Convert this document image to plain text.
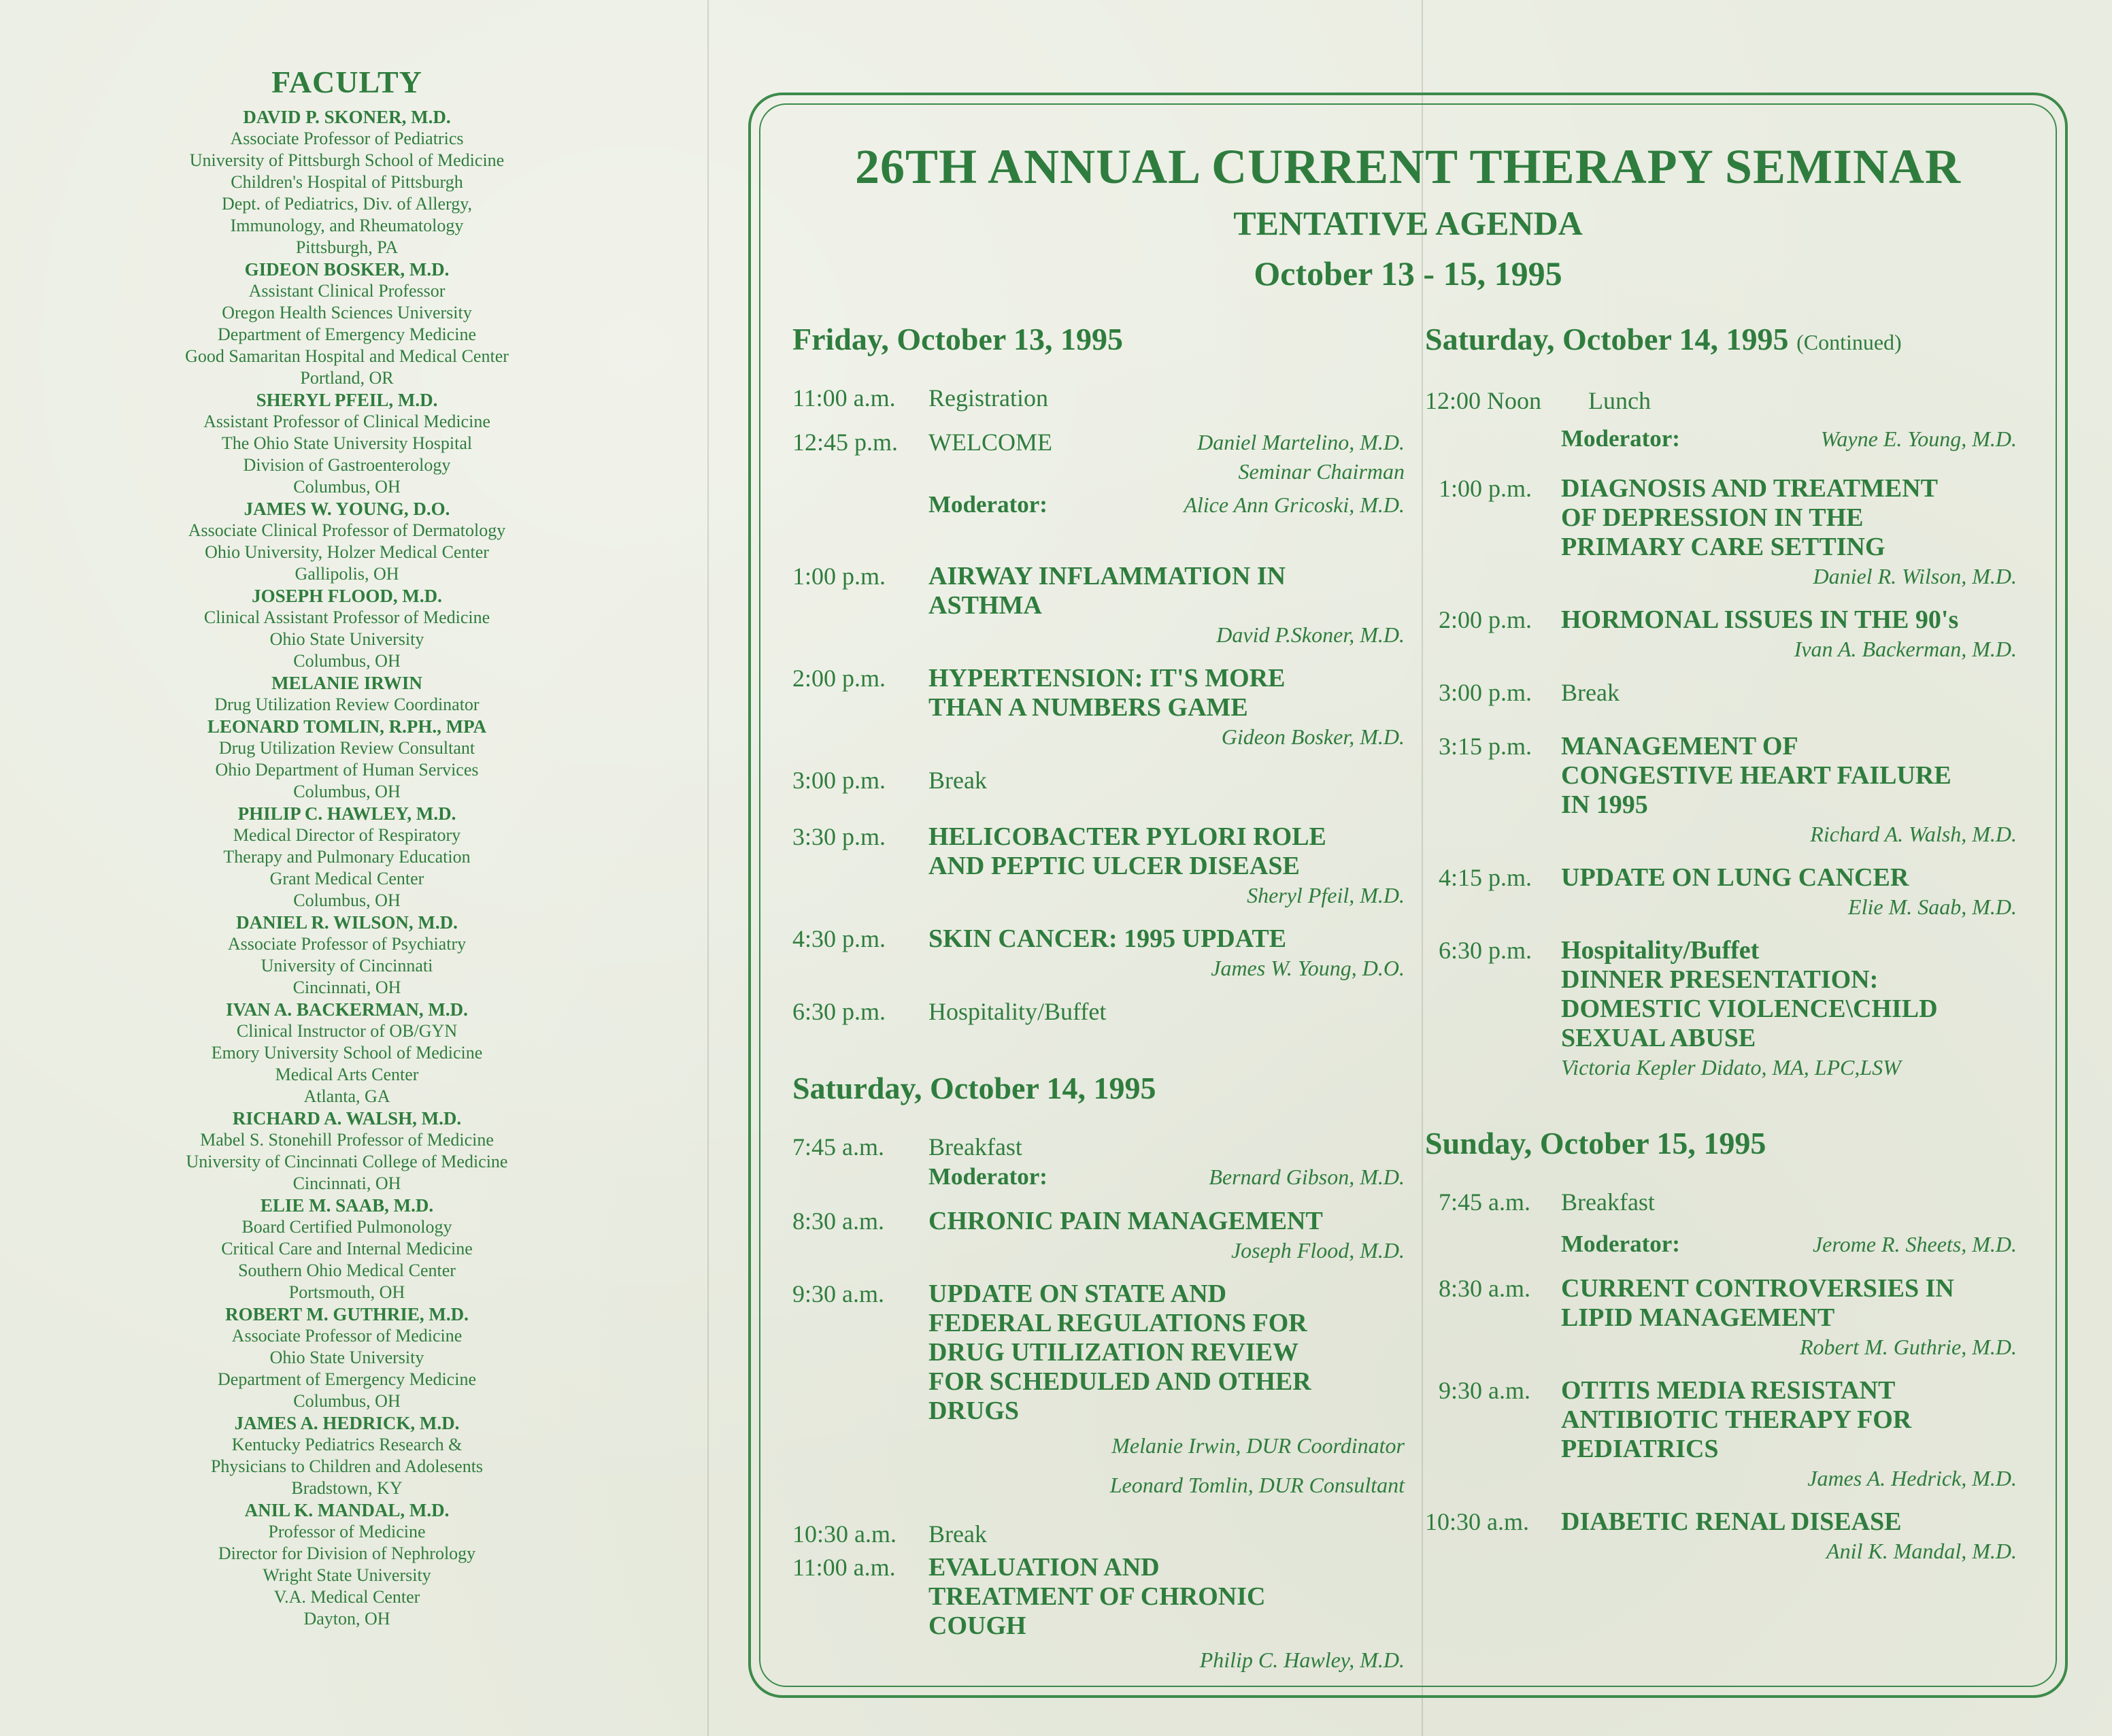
FACULTY
DAVID P. SKONER, M.D.
Associate Professor of Pediatrics
University of Pittsburgh School of Medicine
Children's Hospital of Pittsburgh
Dept. of Pediatrics, Div. of Allergy,
Immunology, and Rheumatology
Pittsburgh, PA
GIDEON BOSKER, M.D.
Assistant Clinical Professor
Oregon Health Sciences University
Department of Emergency Medicine
Good Samaritan Hospital and Medical Center
Portland, OR
SHERYL PFEIL, M.D.
Assistant Professor of Clinical Medicine
The Ohio State University Hospital
Division of Gastroenterology
Columbus, OH
JAMES W. YOUNG, D.O.
Associate Clinical Professor of Dermatology
Ohio University, Holzer Medical Center
Gallipolis, OH
JOSEPH FLOOD, M.D.
Clinical Assistant Professor of Medicine
Ohio State University
Columbus, OH
MELANIE IRWIN
Drug Utilization Review Coordinator
LEONARD TOMLIN, R.PH., MPA
Drug Utilization Review Consultant
Ohio Department of Human Services
Columbus, OH
PHILIP C. HAWLEY, M.D.
Medical Director of Respiratory
Therapy and Pulmonary Education
Grant Medical Center
Columbus, OH
DANIEL R. WILSON, M.D.
Associate Professor of Psychiatry
University of Cincinnati
Cincinnati, OH
IVAN A. BACKERMAN, M.D.
Clinical Instructor of OB/GYN
Emory University School of Medicine
Medical Arts Center
Atlanta, GA
RICHARD A. WALSH, M.D.
Mabel S. Stonehill Professor of Medicine
University of Cincinnati College of Medicine
Cincinnati, OH
ELIE M. SAAB, M.D.
Board Certified Pulmonology
Critical Care and Internal Medicine
Southern Ohio Medical Center
Portsmouth, OH
ROBERT M. GUTHRIE, M.D.
Associate Professor of Medicine
Ohio State University
Department of Emergency Medicine
Columbus, OH
JAMES A. HEDRICK, M.D.
Kentucky Pediatrics Research &
Physicians to Children and Adolesents
Bradstown, KY
ANIL K. MANDAL, M.D.
Professor of Medicine
Director for Division of Nephrology
Wright State University
V.A. Medical Center
Dayton, OH
26TH ANNUAL CURRENT THERAPY SEMINAR
TENTATIVE AGENDA
October 13 - 15, 1995
Friday, October 13, 1995
11:00 a.m. Registration
12:45 p.m. WELCOME	Daniel Martelino, M.D.
Seminar Chairman
Moderator:	Alice Ann Gricoski, M.D.
1:00 p.m. AIRWAY INFLAMMATION IN
ASTHMA
David P.Skoner, M.D.
2:00 p.m. HYPERTENSION: IT'S MORE
THAN A NUMBERS GAME
Gideon Bosker, M.D.
3:00 p.m. Break
3:30 p.m. HELICOBACTER PYLORI ROLE
AND PEPTIC ULCER DISEASE
Sheryl Pfeil, M.D.
4:30 p.m. SKIN CANCER: 1995 UPDATE
James W. Young, D.O.
6:30 p.m. Hospitality/Buffet
Saturday, October 14, 1995
7:45 a.m. Breakfast
Moderator:	Bernard Gibson, M.D.
8:30 a.m. CHRONIC PAIN MANAGEMENT
Joseph Flood, M.D.
9:30 a.m. UPDATE ON STATE AND
FEDERAL REGULATIONS FOR
DRUG UTILIZATION REVIEW
FOR SCHEDULED AND OTHER
DRUGS
Melanie Irwin, DUR Coordinator
Leonard Tomlin, DUR Consultant
10:30 a.m. Break
11:00 a.m. EVALUATION AND
TREATMENT OF CHRONIC
COUGH
Philip C. Hawley, M.D.
Saturday, October 14, 1995 (Continued)
12:00 Noon Lunch
Moderator:	Wayne E. Young, M.D.
1:00 p.m. DIAGNOSIS AND TREATMENT
OF DEPRESSION IN THE
PRIMARY CARE SETTING
Daniel R. Wilson, M.D.
2:00 p.m. HORMONAL ISSUES IN THE 90's
Ivan A. Backerman, M.D.
3:00 p.m. Break
3:15 p.m. MANAGEMENT OF
CONGESTIVE HEART FAILURE
IN 1995
Richard A. Walsh, M.D.
4:15 p.m. UPDATE ON LUNG CANCER
Elie M. Saab, M.D.
6:30 p.m. Hospitality/Buffet
DINNER PRESENTATION:
DOMESTIC VIOLENCE\CHILD
SEXUAL ABUSE
Victoria Kepler Didato, MA, LPC,LSW
Sunday, October 15, 1995
7:45 a.m. Breakfast
Moderator:	Jerome R. Sheets, M.D.
8:30 a.m. CURRENT CONTROVERSIES IN
LIPID MANAGEMENT
Robert M. Guthrie, M.D.
9:30 a.m. OTITIS MEDIA RESISTANT
ANTIBIOTIC THERAPY FOR
PEDIATRICS
James A. Hedrick, M.D.
10:30 a.m. DIABETIC RENAL DISEASE
Anil K. Mandal, M.D.
